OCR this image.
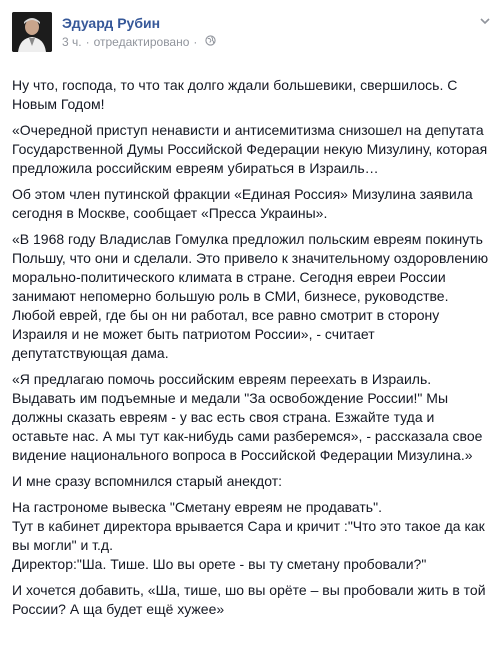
Эдуард Рубин
3 ч. · отредактировано ·

Ну что, господа, то что так долго ждали большевики, свершилось. С Новым Годом!

«Очередной приступ ненависти и антисемитизма снизошел на депутата Государственной Думы Российской Федерации некую Мизулину, которая предложила российским евреям убираться в Израиль…

Об этом член путинской фракции «Единая Россия» Мизулина заявила сегодня в Москве, сообщает «Пресса Украины».

«В 1968 году Владислав Гомулка предложил польским евреям покинуть Польшу, что они и сделали. Это привело к значительному оздоровлению морально-политического климата в стране. Сегодня евреи России занимают непомерно большую роль в СМИ, бизнесе, руководстве. Любой еврей, где бы он ни работал, все равно смотрит в сторону Израиля и не может быть патриотом России», - считает депутатствующая дама.

«Я предлагаю помочь российским евреям переехать в Израиль. Выдавать им подъемные и медали "За освобождение России!" Мы должны сказать евреям - у вас есть своя страна. Езжайте туда и оставьте нас. А мы тут как-нибудь сами разберемся», - рассказала свое видение национального вопроса в Российской Федерации Мизулина.»

И мне сразу вспомнился старый анекдот:

На гастрономе вывеска "Сметану евреям не продавать".

Тут в кабинет директора врывается Сара и кричит :"Что это такое да как вы могли" и т.д.

Директор:"Ша. Тише. Шо вы орете - вы ту сметану пробовали?"

И хочется добавить, «Ша, тише, шо вы орёте – вы пробовали жить в той России? А ща будет ещё хужее»
